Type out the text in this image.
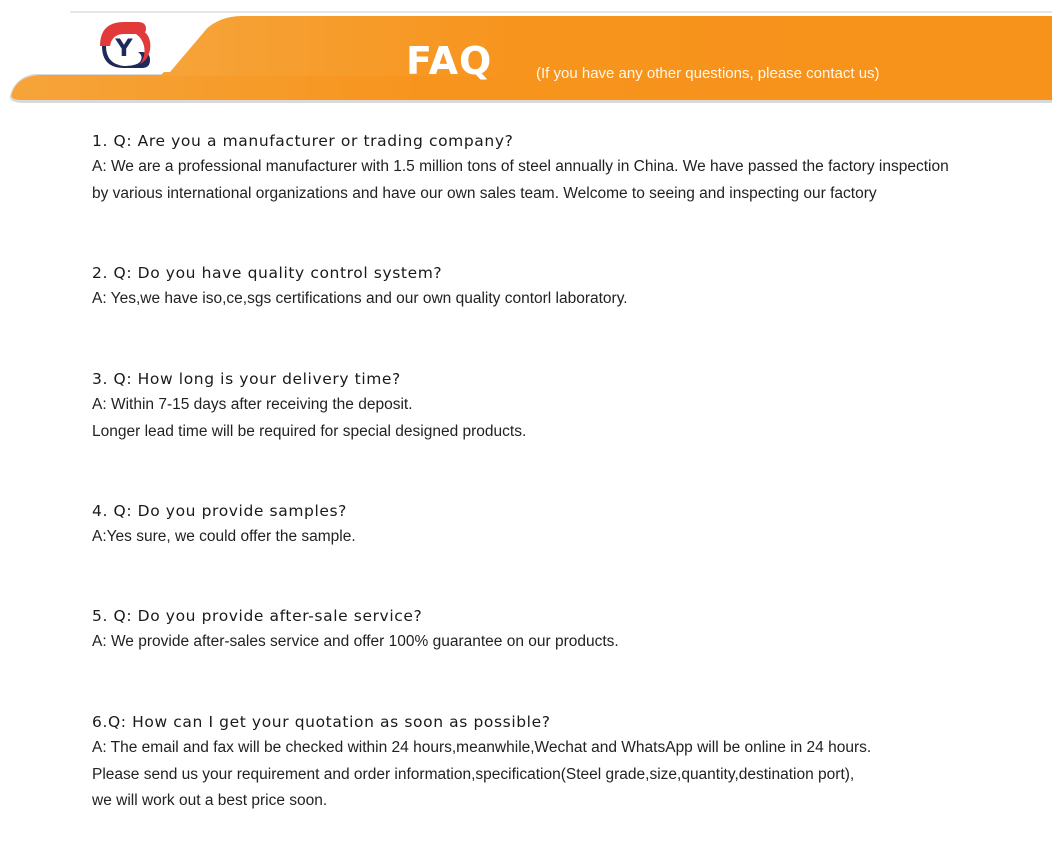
Y	FAQ	(If you have any other questions, please contact us)
1. Q: Are you a manufacturer or trading company?
A: We are a professional manufacturer with 1.5 million tons of steel annually in China. We have passed the factory inspection
by various international organizations and have our own sales team. Welcome to seeing and inspecting our factory
2. Q: Do you have quality control system?
A: Yes,we have iso,ce,sgs certifications and our own quality contorl laboratory.
3. Q: How long is your delivery time?
A: Within 7-15 days after receiving the deposit.
Longer lead time will be required for special designed products.
4. Q: Do you provide samples?
A:Yes sure, we could offer the sample.
5. Q: Do you provide after-sale service?
A: We provide after-sales service and offer 100% guarantee on our products.
6.Q: How can I get your quotation as soon as possible?
A: The email and fax will be checked within 24 hours,meanwhile,Wechat and WhatsApp will be online in 24 hours.
Please send us your requirement and order information,specification(Steel grade,size,quantity,destination port),
we will work out a best price soon.
